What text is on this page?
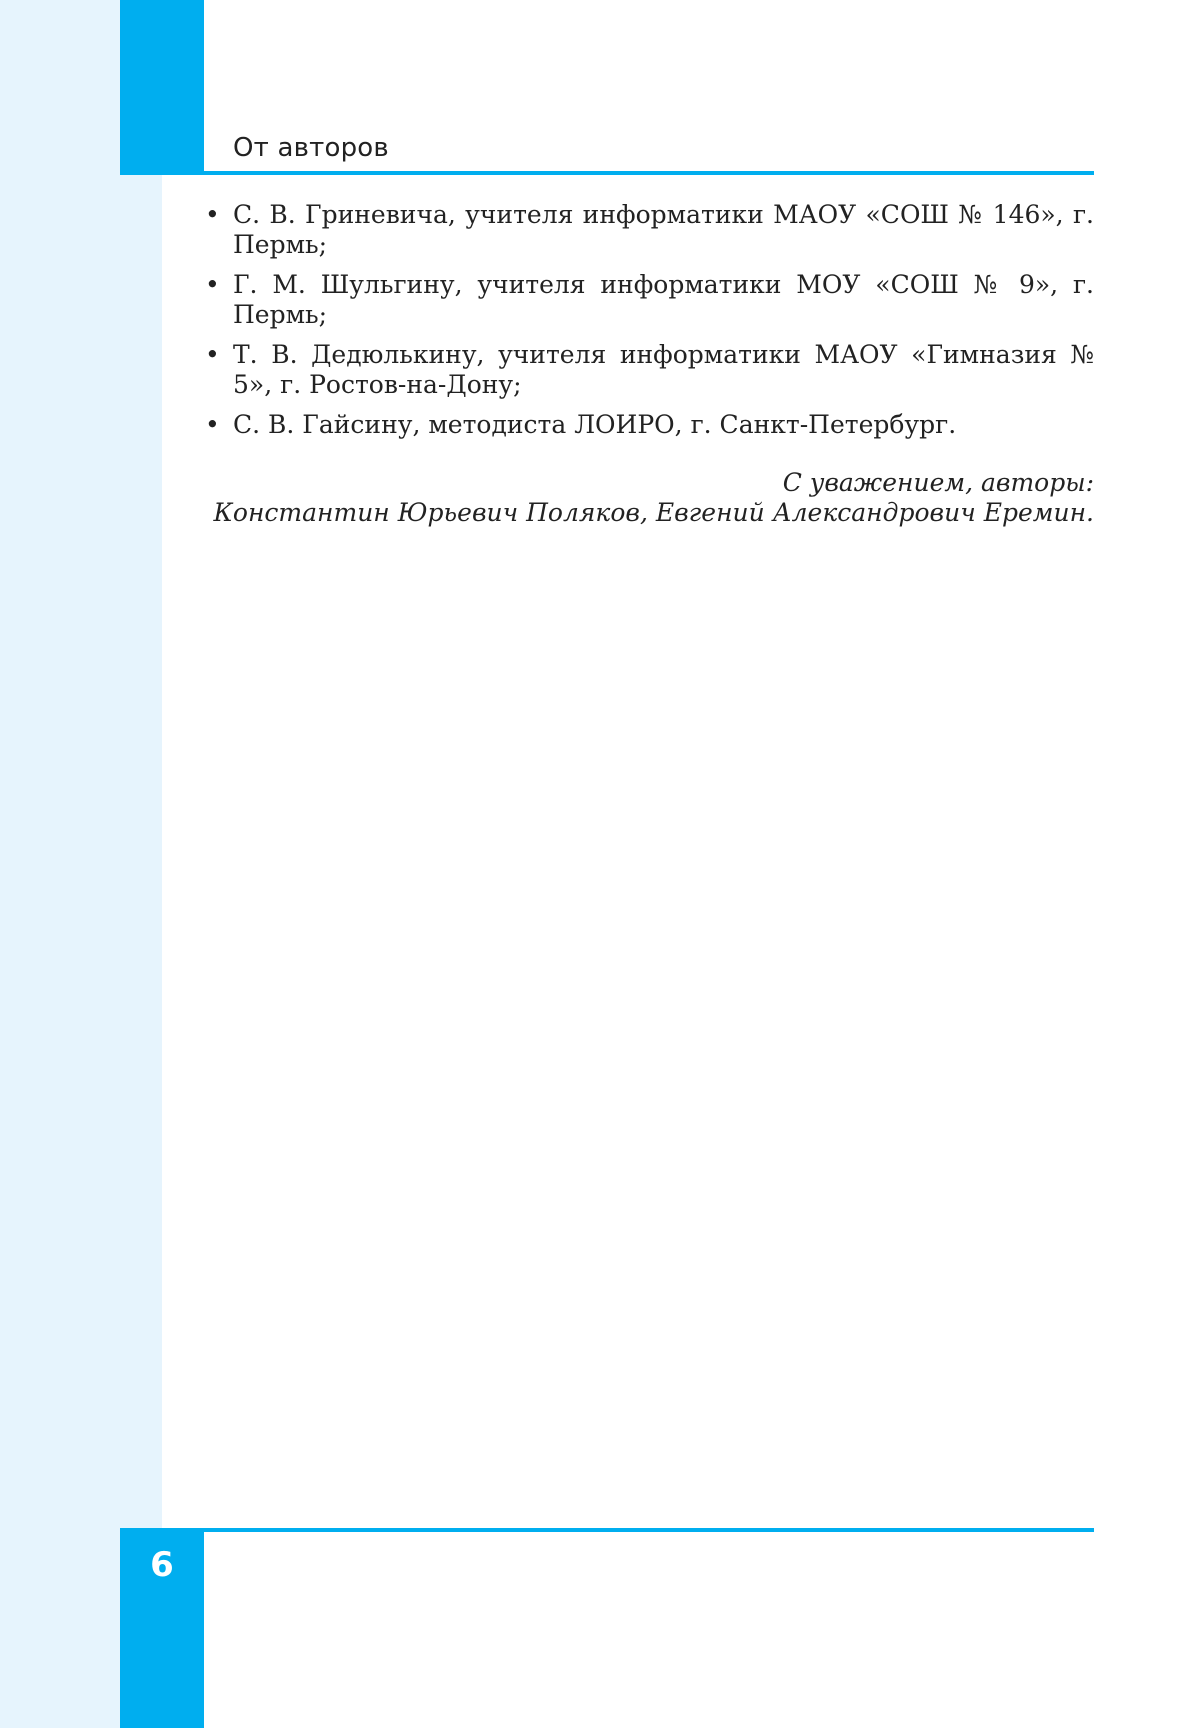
От авторов
• С. В. Гриневича, учителя информатики МАОУ «СОШ № 146», г. Пермь;
• Г. М. Шульгину, учителя информатики МОУ «СОШ № 9», г. Пермь;
• Т. В. Дедюлькину, учителя информатики МАОУ «Гимназия № 5», г. Ростов-на-Дону;
• С. В. Гайсину, методиста ЛОИРО, г. Санкт-Петербург.
С уважением, авторы:
Константин Юрьевич Поляков, Евгений Александрович Еремин.
6
